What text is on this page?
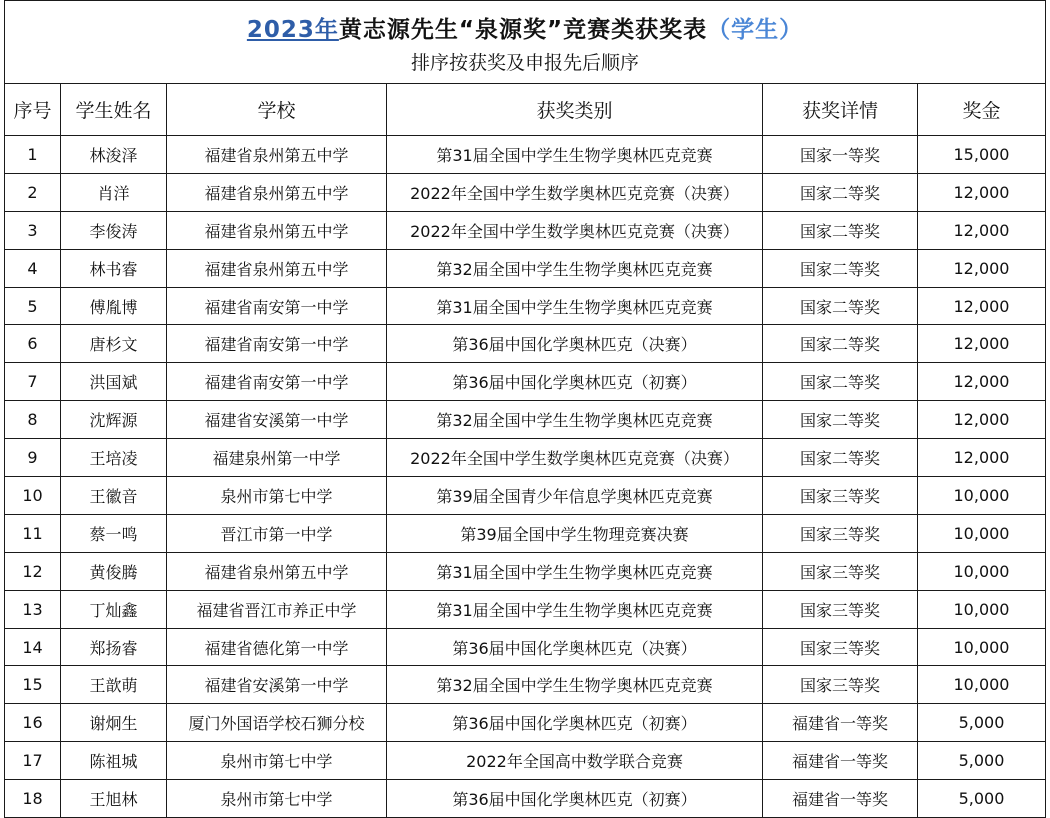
2023年黄志源先生“泉源奖”竞赛类获奖表（学生）
排序按获奖及申报先后顺序					

序号	学生姓名	学校	获奖类别	获奖详情	奖金
1	林浚泽	福建省泉州第五中学	第31届全国中学生生物学奥林匹克竞赛	国家一等奖	15,000
2	肖洋	福建省泉州第五中学	2022年全国中学生数学奥林匹克竞赛（决赛）	国家二等奖	12,000
3	李俊涛	福建省泉州第五中学	2022年全国中学生数学奥林匹克竞赛（决赛）	国家二等奖	12,000
4	林书睿	福建省泉州第五中学	第32届全国中学生生物学奥林匹克竞赛	国家二等奖	12,000
5	傅胤博	福建省南安第一中学	第31届全国中学生生物学奥林匹克竞赛	国家二等奖	12,000
6	唐杉文	福建省南安第一中学	第36届中国化学奥林匹克（决赛）	国家二等奖	12,000
7	洪国斌	福建省南安第一中学	第36届中国化学奥林匹克（初赛）	国家二等奖	12,000
8	沈辉源	福建省安溪第一中学	第32届全国中学生生物学奥林匹克竞赛	国家二等奖	12,000
9	王培凌	福建泉州第一中学	2022年全国中学生数学奥林匹克竞赛（决赛）	国家二等奖	12,000
10	王徽音	泉州市第七中学	第39届全国青少年信息学奥林匹克竞赛	国家三等奖	10,000
11	蔡一鸣	晋江市第一中学	第39届全国中学生物理竞赛决赛	国家三等奖	10,000
12	黄俊腾	福建省泉州第五中学	第31届全国中学生生物学奥林匹克竞赛	国家三等奖	10,000
13	丁灿鑫	福建省晋江市养正中学	第31届全国中学生生物学奥林匹克竞赛	国家三等奖	10,000
14	郑扬睿	福建省德化第一中学	第36届中国化学奥林匹克（决赛）	国家三等奖	10,000
15	王歆萌	福建省安溪第一中学	第32届全国中学生生物学奥林匹克竞赛	国家三等奖	10,000
16	谢炯生	厦门外国语学校石狮分校	第36届中国化学奥林匹克（初赛）	福建省一等奖	5,000
17	陈祖城	泉州市第七中学	2022年全国高中数学联合竞赛	福建省一等奖	5,000
18	王旭林	泉州市第七中学	第36届中国化学奥林匹克（初赛）	福建省一等奖	5,000
